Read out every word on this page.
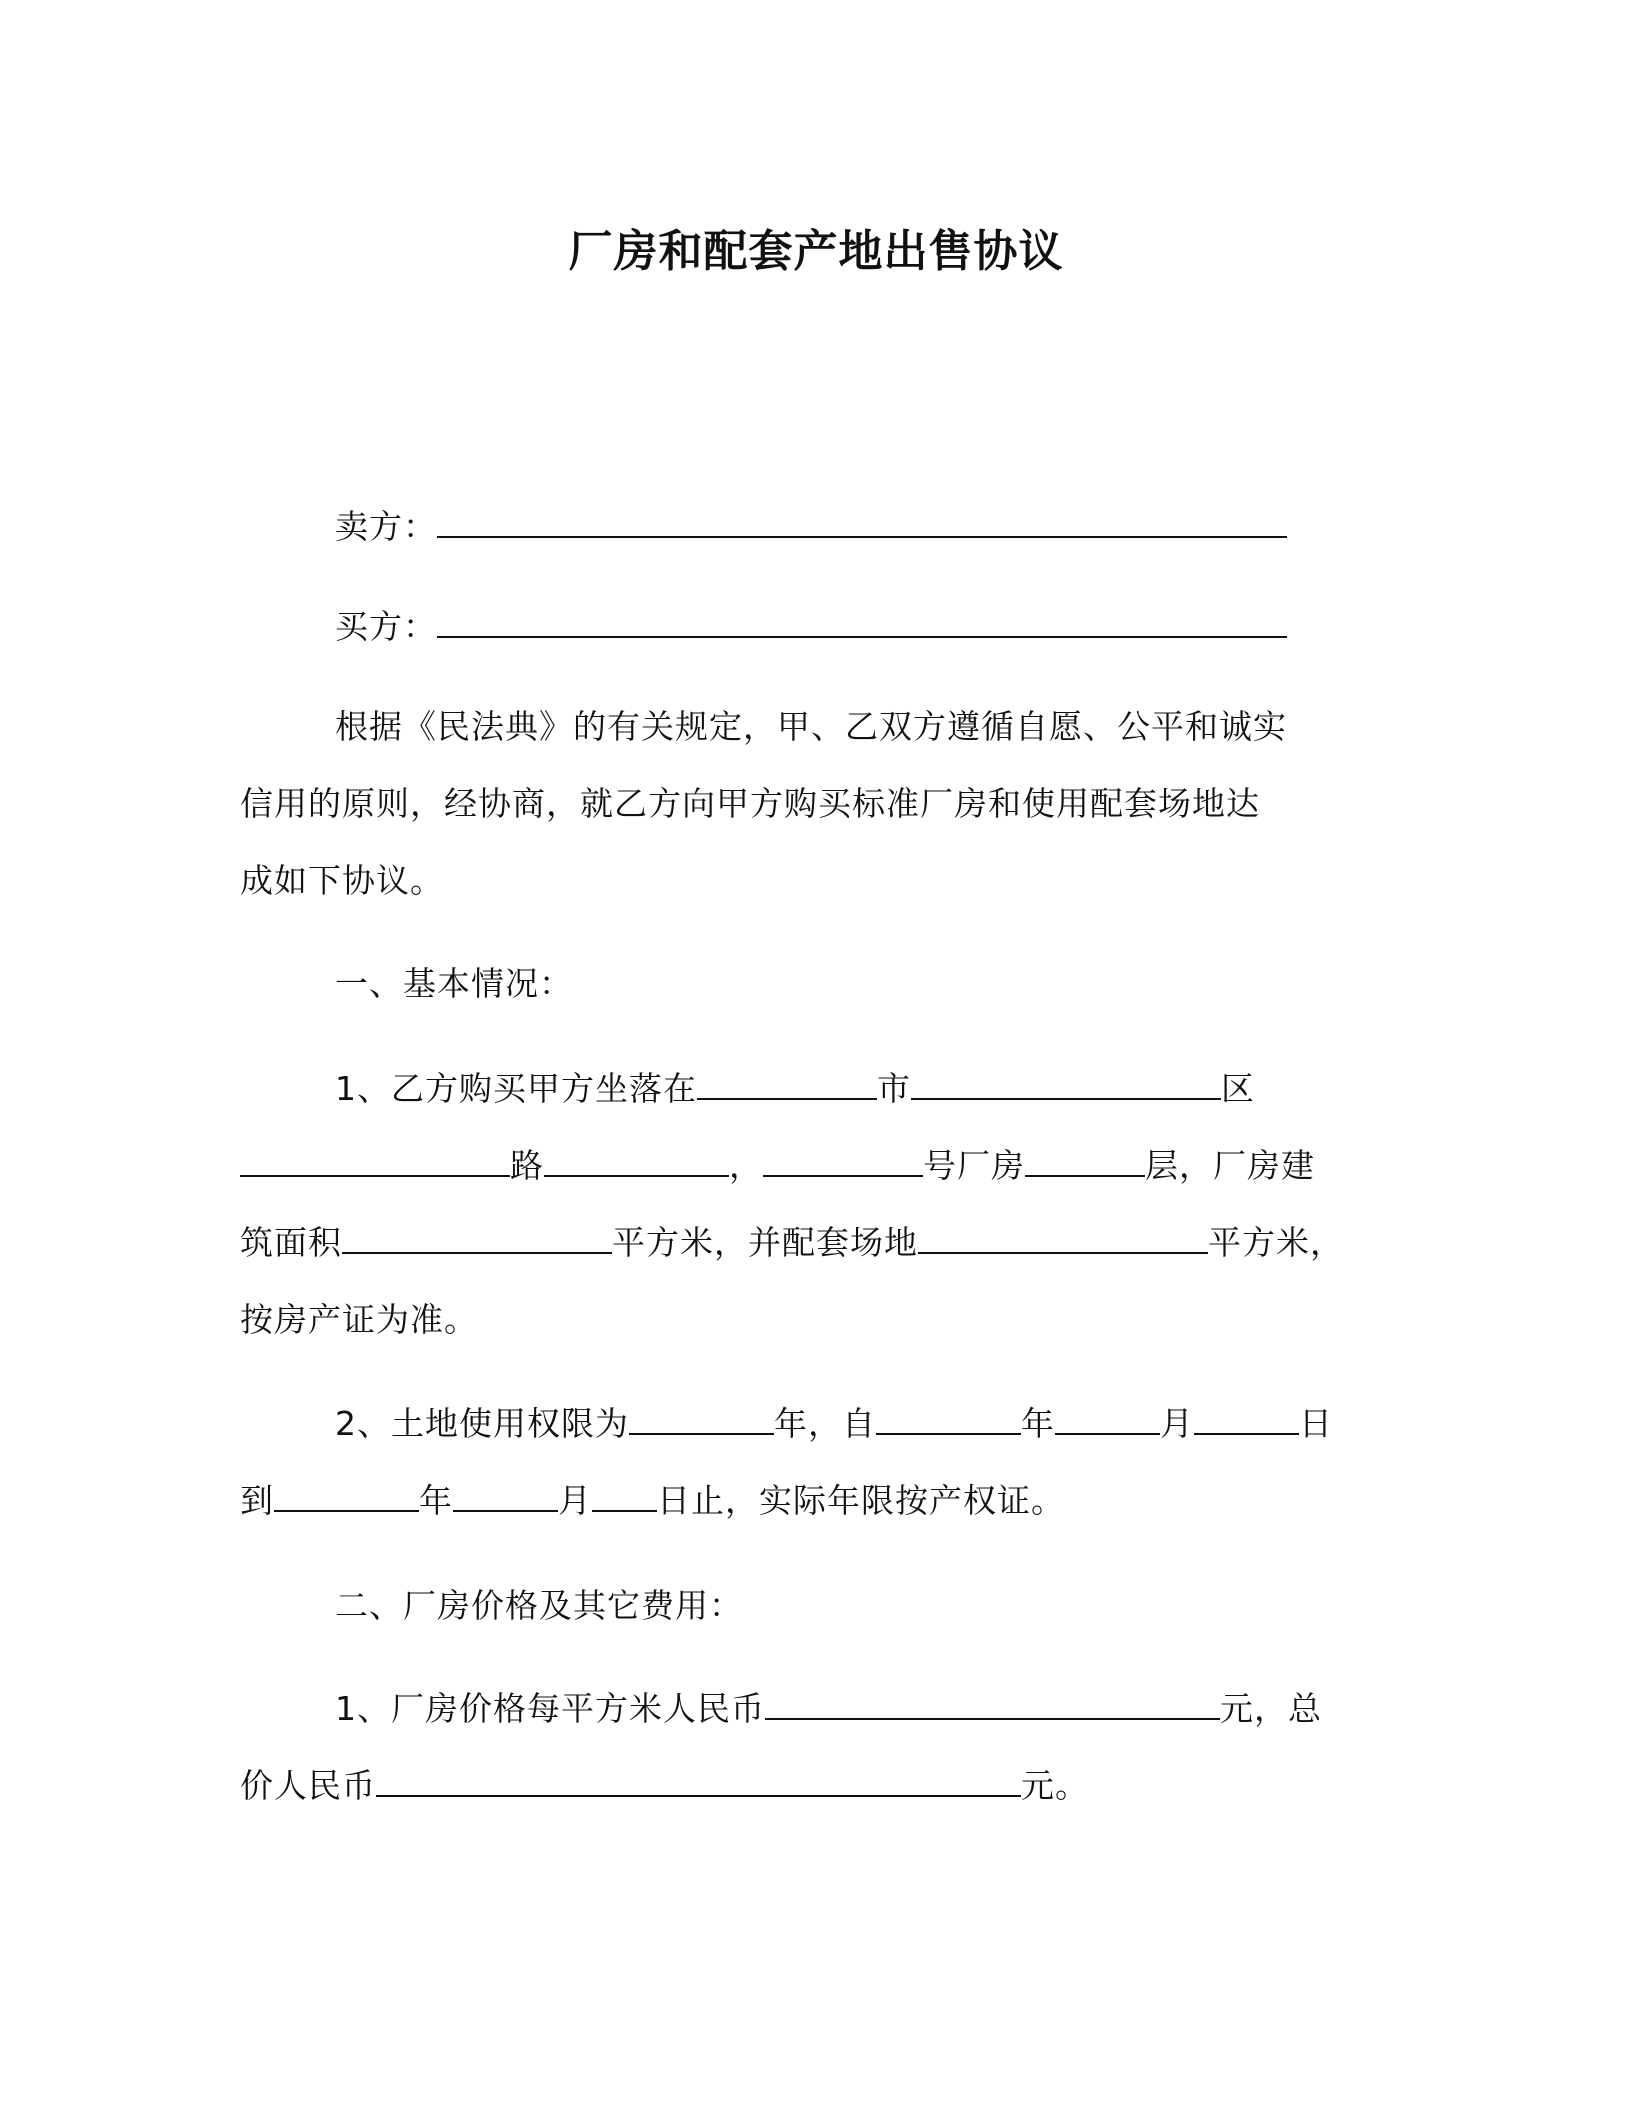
厂房和配套产地出售协议
卖方：
买方：
根据《民法典》的有关规定，甲、乙双方遵循自愿、公平和诚实
信用的原则，经协商，就乙方向甲方购买标准厂房和使用配套场地达
成如下协议。
一、基本情况：
1、乙方购买甲方坐落在	市	区
路	，	号厂房	层，厂房建
筑面积	平方米，并配套场地	平方米，
按房产证为准。
2、土地使用权限为	年，自	年	月	日
到	年	月 日止，实际年限按产权证。
二、厂房价格及其它费用：
1、厂房价格每平方米人民币	元，总
价人民币	元。
